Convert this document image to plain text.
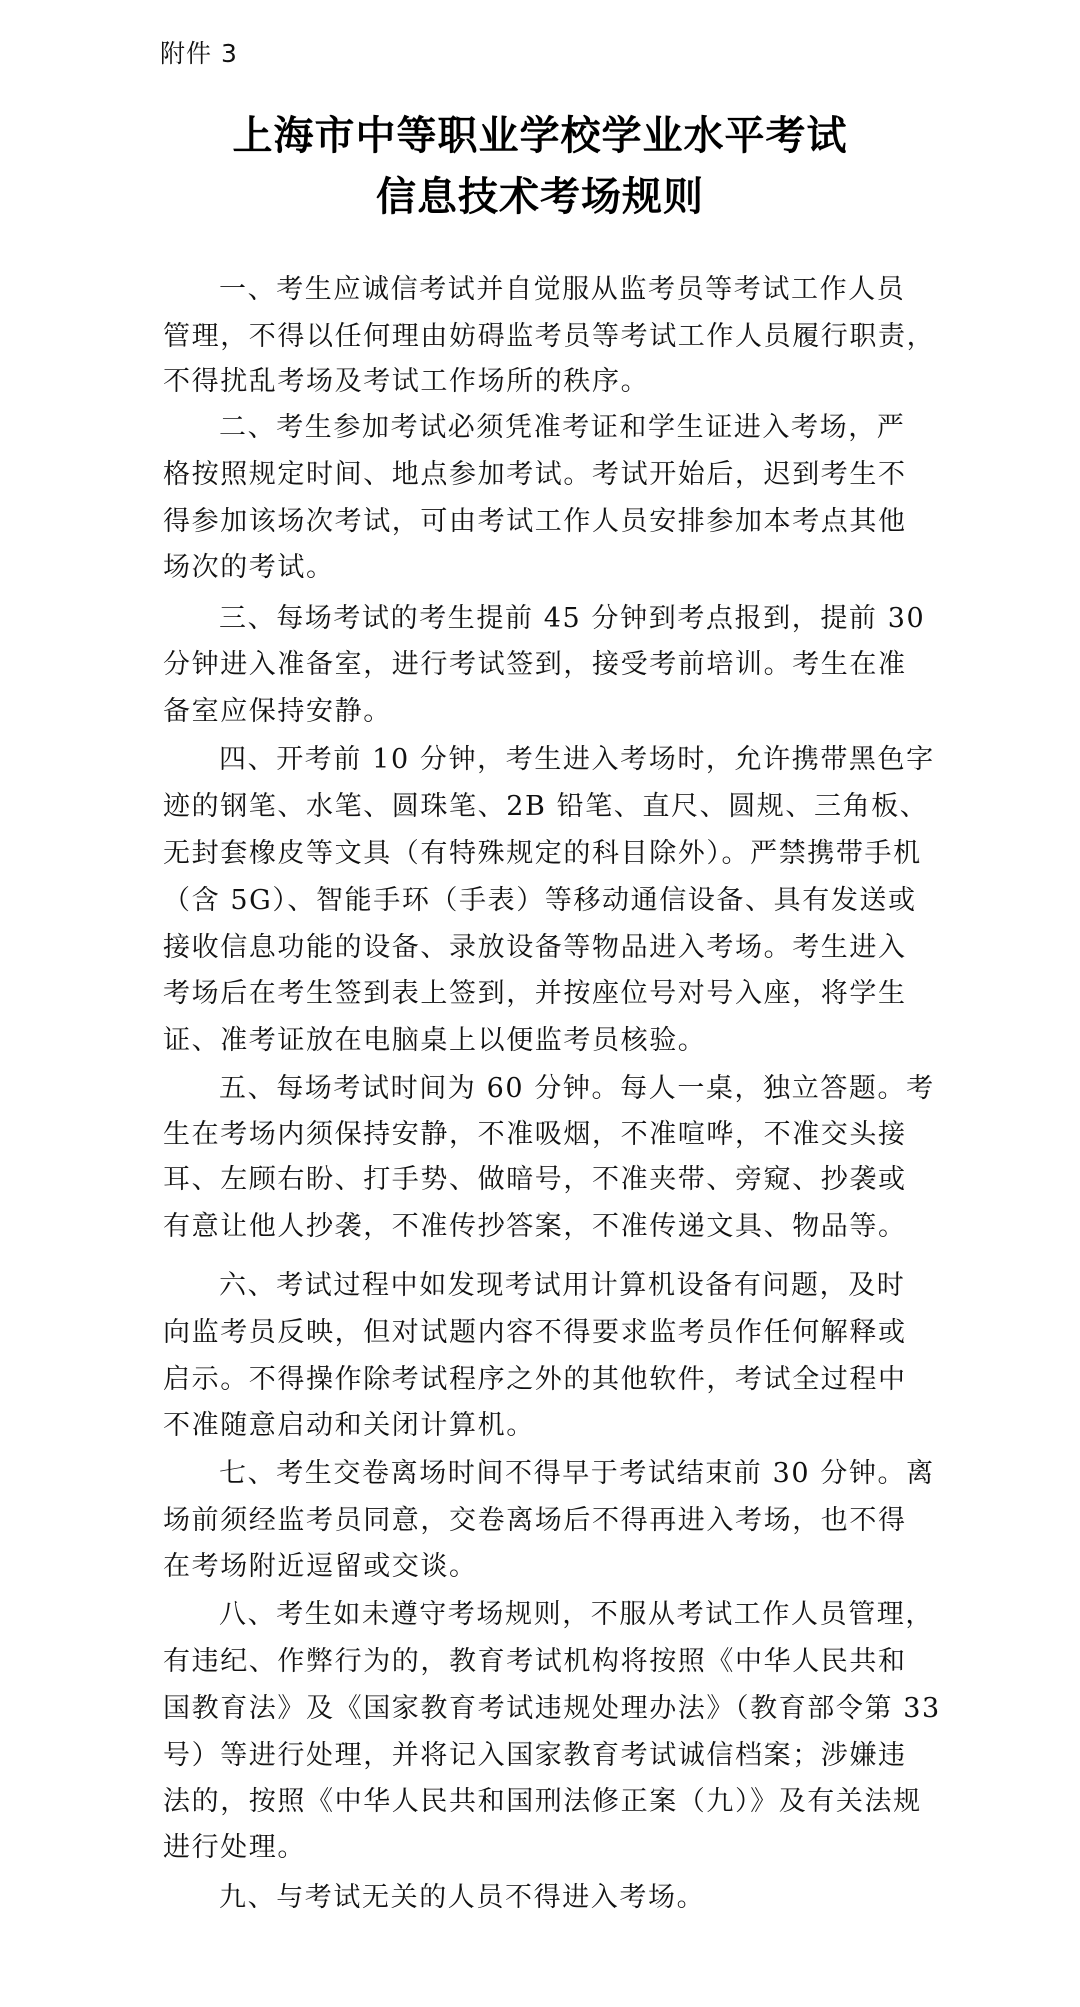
附件 3
上海市中等职业学校学业水平考试
信息技术考场规则
一、考生应诚信考试并自觉服从监考员等考试工作人员
管理，不得以任何理由妨碍监考员等考试工作人员履行职责，
不得扰乱考场及考试工作场所的秩序。
二、考生参加考试必须凭准考证和学生证进入考场，严
格按照规定时间、地点参加考试。考试开始后，迟到考生不
得参加该场次考试，可由考试工作人员安排参加本考点其他
场次的考试。
三、每场考试的考生提前 45 分钟到考点报到，提前 30
分钟进入准备室，进行考试签到，接受考前培训。考生在准
备室应保持安静。
四、开考前 10 分钟，考生进入考场时，允许携带黑色字
迹的钢笔、水笔、圆珠笔、2B 铅笔、直尺、圆规、三角板、
无封套橡皮等文具（有特殊规定的科目除外）。严禁携带手机
（含 5G）、智能手环（手表）等移动通信设备、具有发送或
接收信息功能的设备、录放设备等物品进入考场。考生进入
考场后在考生签到表上签到，并按座位号对号入座，将学生
证、准考证放在电脑桌上以便监考员核验。
五、每场考试时间为 60 分钟。每人一桌，独立答题。考
生在考场内须保持安静，不准吸烟，不准喧哗，不准交头接
耳、左顾右盼、打手势、做暗号，不准夹带、旁窥、抄袭或
有意让他人抄袭，不准传抄答案，不准传递文具、物品等。
六、考试过程中如发现考试用计算机设备有问题，及时
向监考员反映，但对试题内容不得要求监考员作任何解释或
启示。不得操作除考试程序之外的其他软件，考试全过程中
不准随意启动和关闭计算机。
七、考生交卷离场时间不得早于考试结束前 30 分钟。离
场前须经监考员同意，交卷离场后不得再进入考场，也不得
在考场附近逗留或交谈。
八、考生如未遵守考场规则，不服从考试工作人员管理，
有违纪、作弊行为的，教育考试机构将按照《中华人民共和
国教育法》及《国家教育考试违规处理办法》（教育部令第 33
号）等进行处理，并将记入国家教育考试诚信档案；涉嫌违
法的，按照《中华人民共和国刑法修正案（九）》及有关法规
进行处理。
九、与考试无关的人员不得进入考场。
